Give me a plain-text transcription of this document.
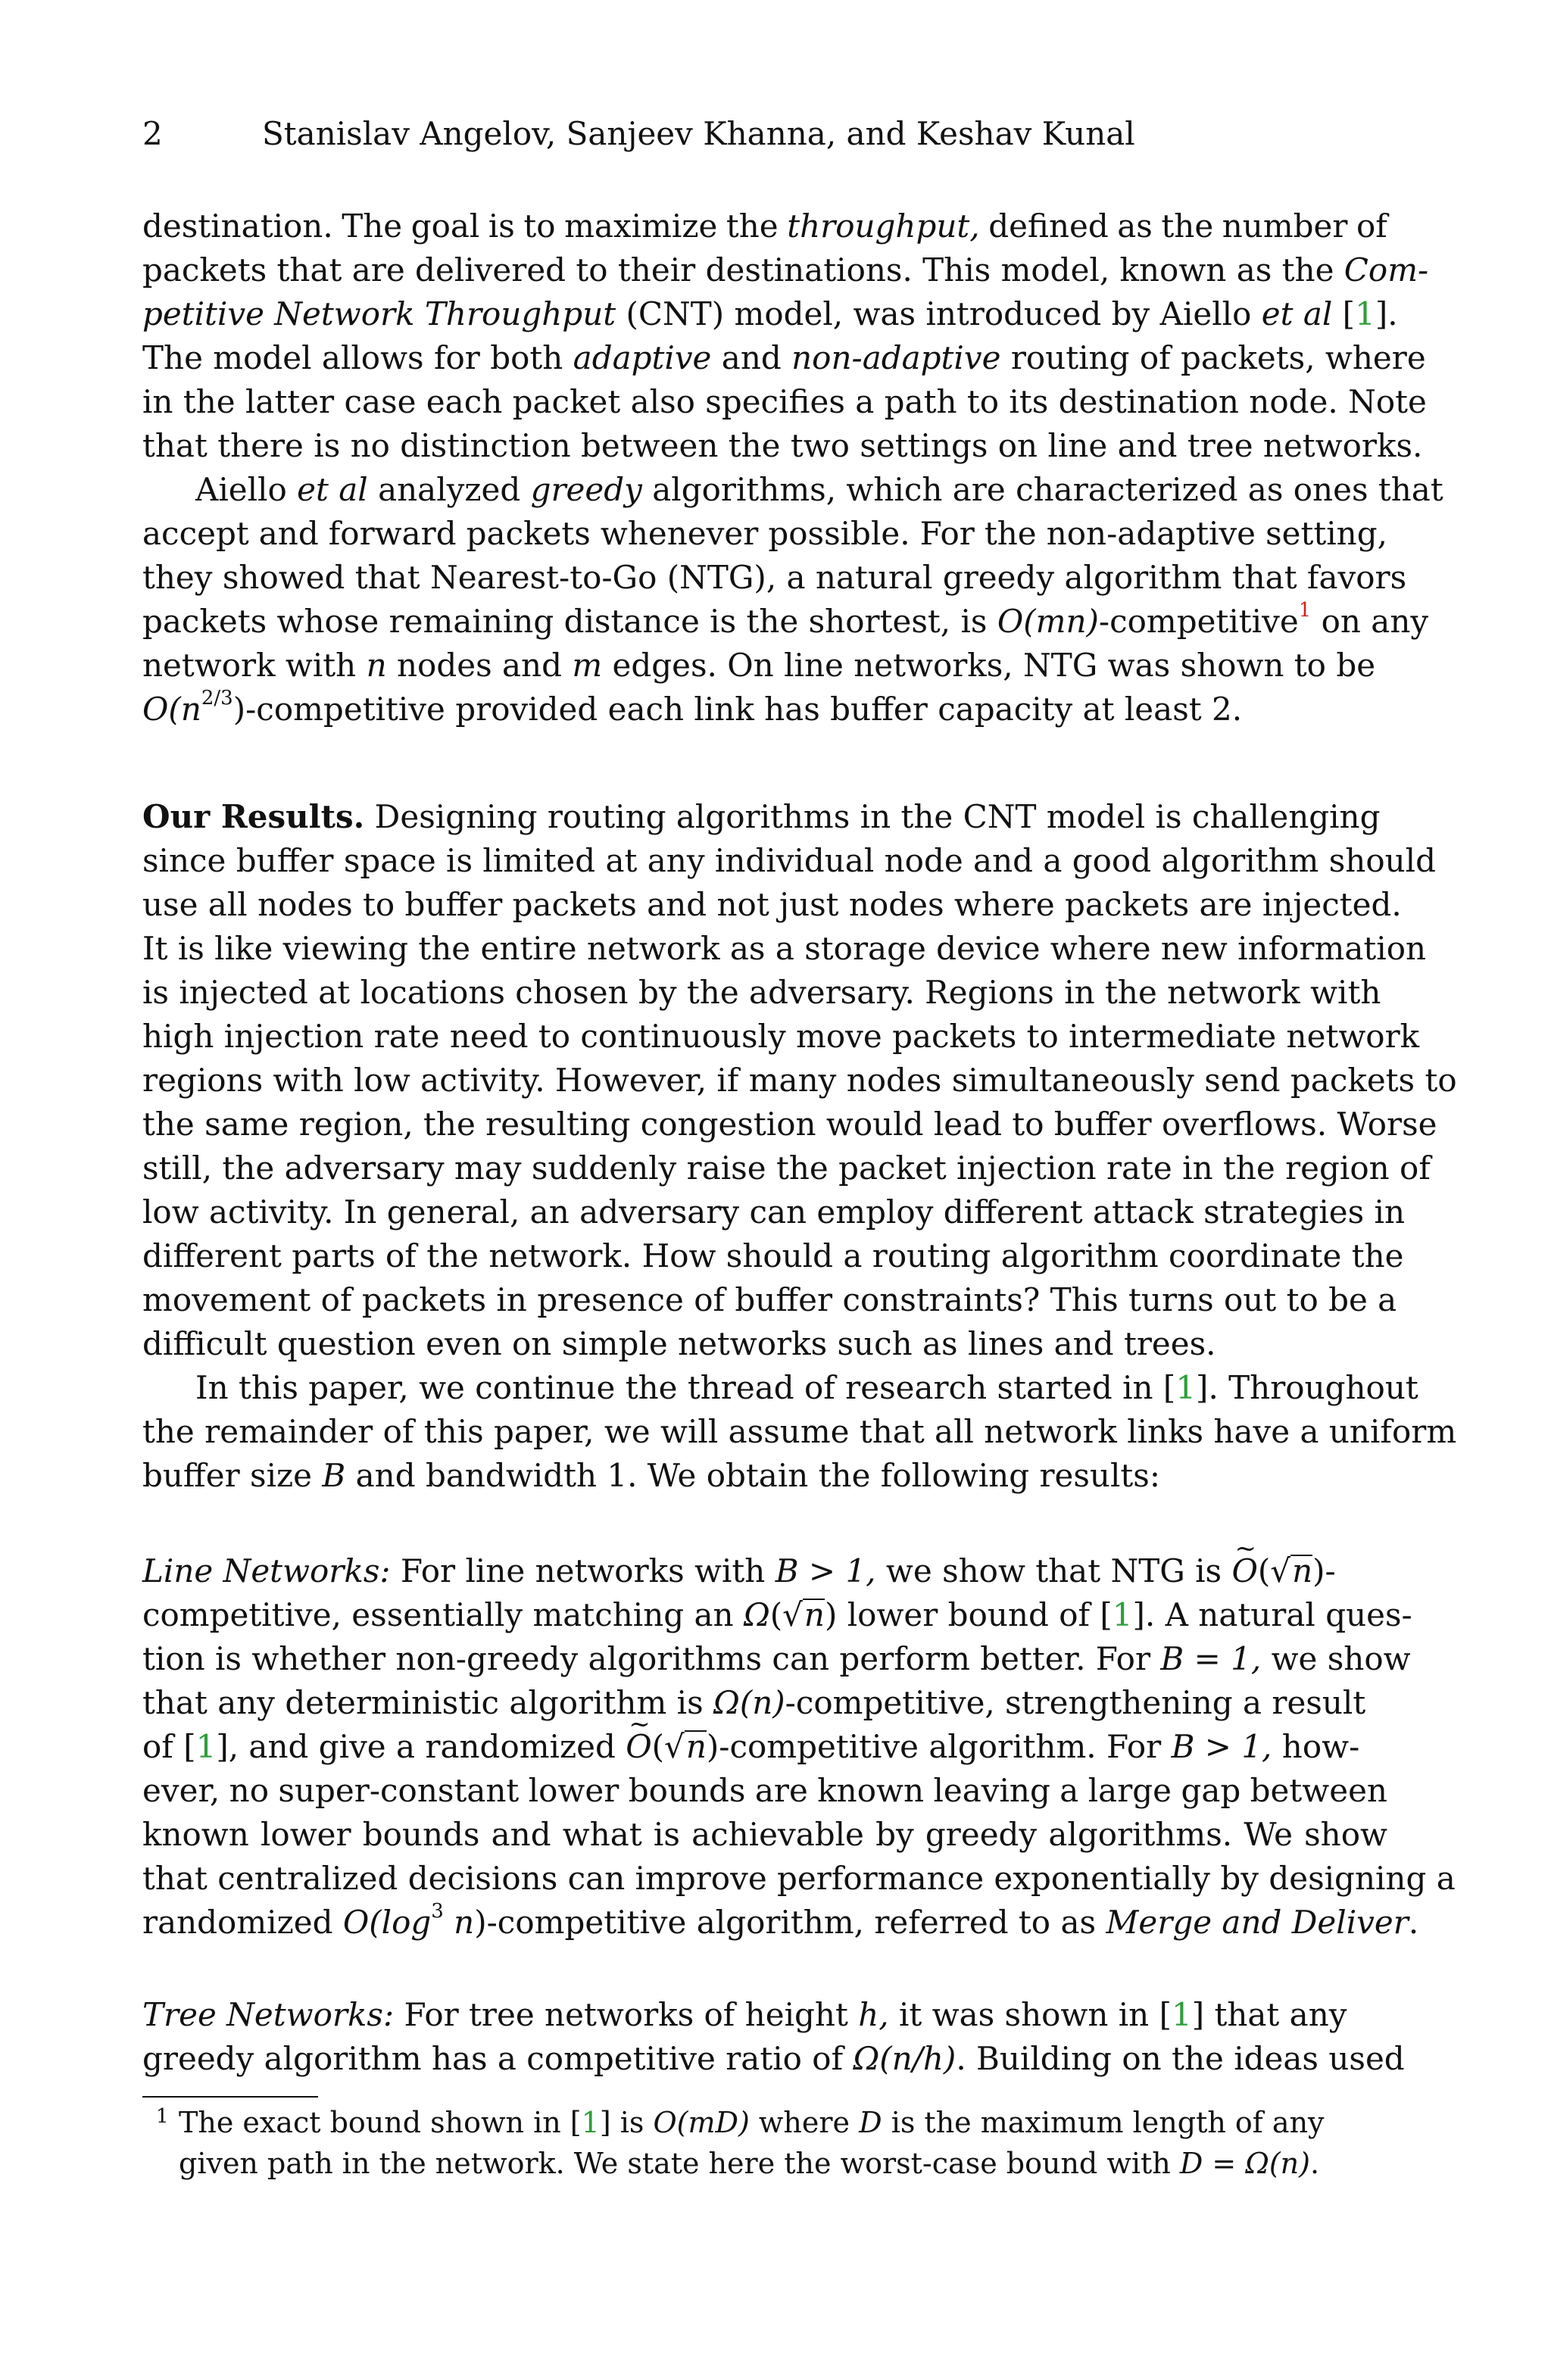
2	Stanislav Angelov, Sanjeev Khanna, and Keshav Kunal
destination. The goal is to maximize the throughput, defined as the number of
packets that are delivered to their destinations. This model, known as the Com-
petitive Network Throughput (CNT) model, was introduced by Aiello et al [1].
The model allows for both adaptive and non-adaptive routing of packets, where
in the latter case each packet also specifies a path to its destination node. Note
that there is no distinction between the two settings on line and tree networks.
Aiello et al analyzed greedy algorithms, which are characterized as ones that
accept and forward packets whenever possible. For the non-adaptive setting,
they showed that Nearest-to-Go (NTG), a natural greedy algorithm that favors
packets whose remaining distance is the shortest, is O(mn)-competitive$^1$ on any
network with n nodes and m edges. On line networks, NTG was shown to be
$O(n^{2/3})$-competitive provided each link has buffer capacity at least 2.
Our Results. Designing routing algorithms in the CNT model is challenging
since buffer space is limited at any individual node and a good algorithm should
use all nodes to buffer packets and not just nodes where packets are injected.
It is like viewing the entire network as a storage device where new information
is injected at locations chosen by the adversary. Regions in the network with
high injection rate need to continuously move packets to intermediate network
regions with low activity. However, if many nodes simultaneously send packets to
the same region, the resulting congestion would lead to buffer overflows. Worse
still, the adversary may suddenly raise the packet injection rate in the region of
low activity. In general, an adversary can employ different attack strategies in
different parts of the network. How should a routing algorithm coordinate the
movement of packets in presence of buffer constraints? This turns out to be a
difficult question even on simple networks such as lines and trees.
In this paper, we continue the thread of research started in [1]. Throughout
the remainder of this paper, we will assume that all network links have a uniform
buffer size B and bandwidth 1. We obtain the following results:
Line Networks: For line networks with B > 1, we show that NTG is ~ O(√n)-
competitive, essentially matching an Ω(√n) lower bound of [1]. A natural ques-
tion is whether non-greedy algorithms can perform better. For B = 1, we show
that any deterministic algorithm is Ω(n)-competitive, strengthening a result
of [1], and give a randomized ~ O(√n)-competitive algorithm. For B > 1, how-
ever, no super-constant lower bounds are known leaving a large gap between
known lower bounds and what is achievable by greedy algorithms. We show
that centralized decisions can improve performance exponentially by designing a
randomized $O(\log^3$ n)-competitive algorithm, referred to as Merge and Deliver.
Tree Networks: For tree networks of height h, it was shown in [1] that any
greedy algorithm has a competitive ratio of Ω(n/h). Building on the ideas used
1 The exact bound shown in [1] is O(mD) where D is the maximum length of any
given path in the network. We state here the worst-case bound with D = Ω(n).
